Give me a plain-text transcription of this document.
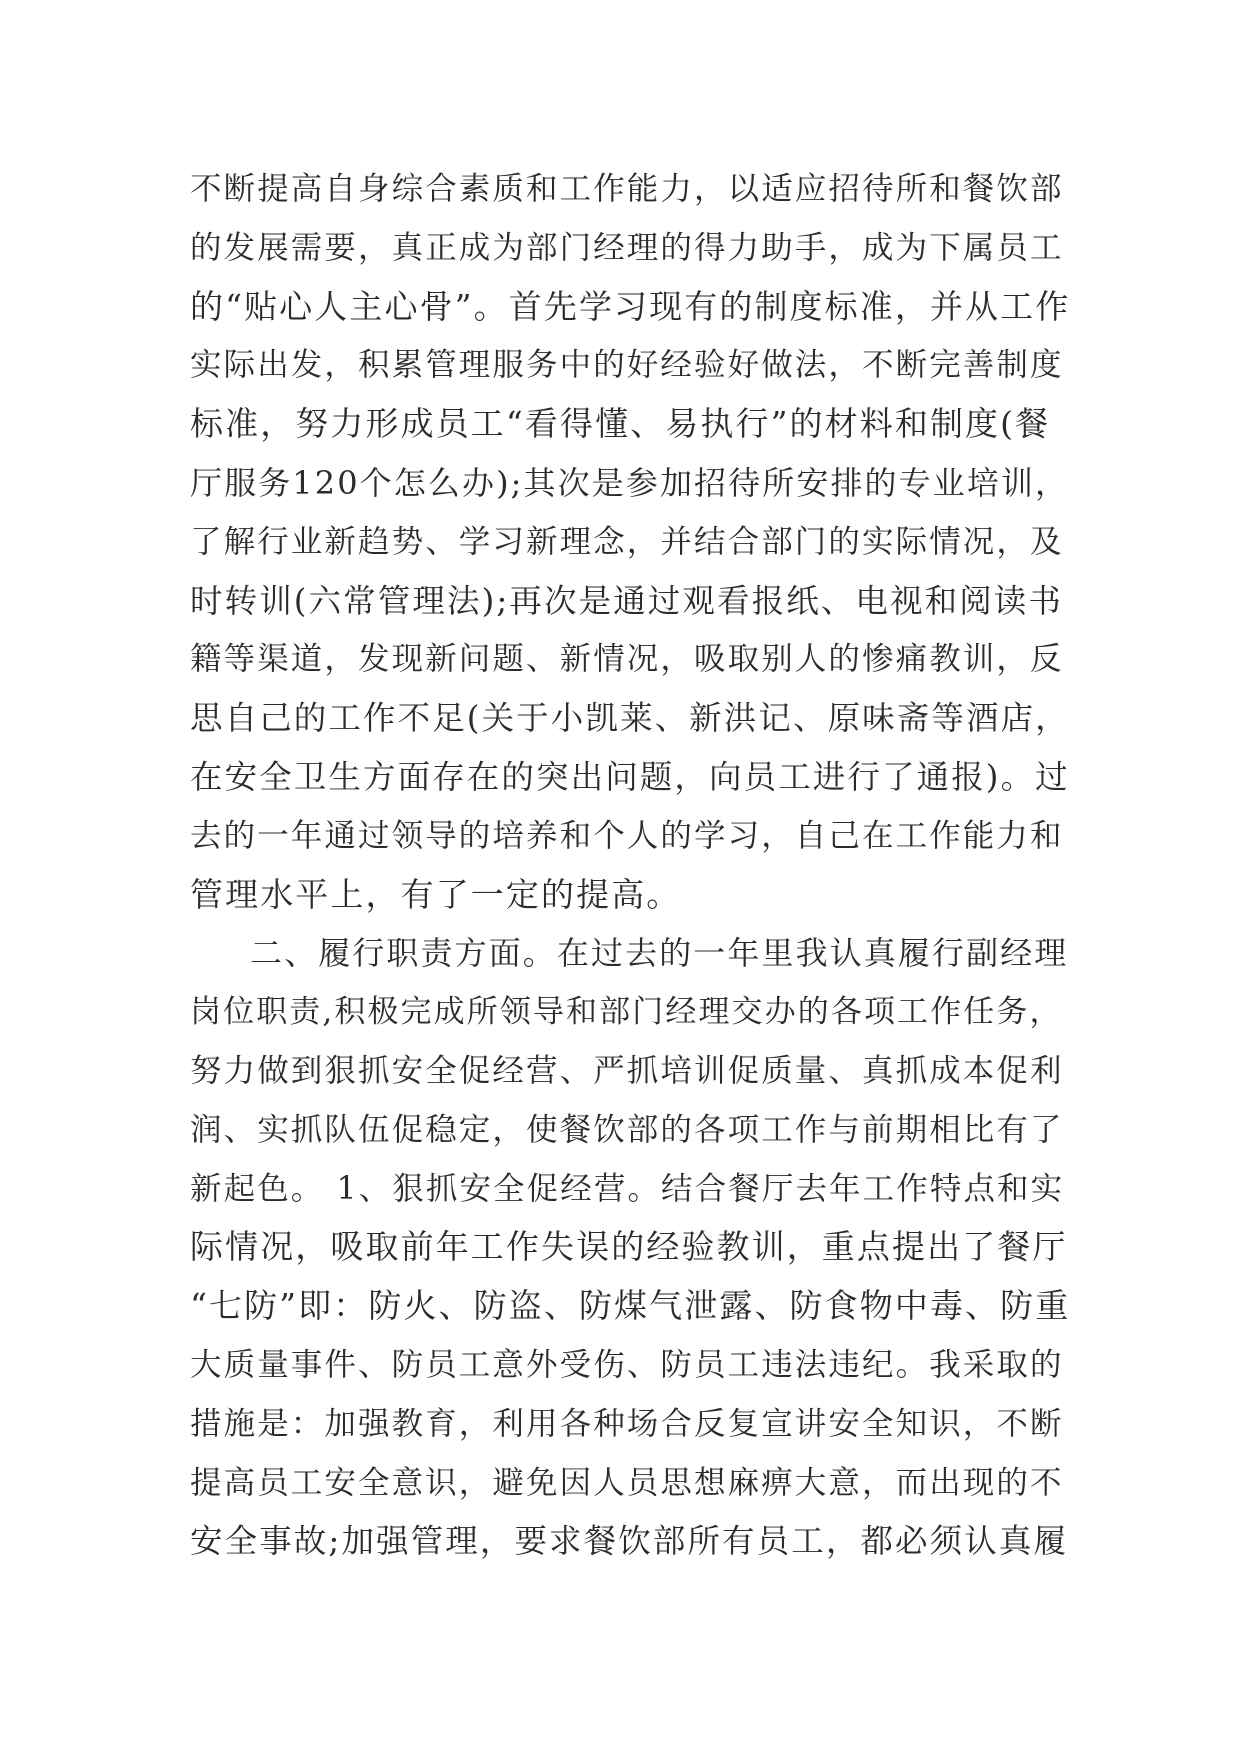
不断提高自身综合素质和工作能力，以适应招待所和餐饮部
的发展需要，真正成为部门经理的得力助手，成为下属员工
的“贴心人主心骨”。首先学习现有的制度标准，并从工作
实际出发，积累管理服务中的好经验好做法，不断完善制度
标准，努力形成员工“看得懂、易执行”的材料和制度(餐
厅服务120个怎么办);其次是参加招待所安排的专业培训，
了解行业新趋势、学习新理念，并结合部门的实际情况，及
时转训(六常管理法);再次是通过观看报纸、电视和阅读书
籍等渠道，发现新问题、新情况，吸取别人的惨痛教训，反
思自己的工作不足(关于小凯莱、新洪记、原味斋等酒店，
在安全卫生方面存在的突出问题，向员工进行了通报)。过
去的一年通过领导的培养和个人的学习，自己在工作能力和
管理水平上，有了一定的提高。
二、履行职责方面。在过去的一年里我认真履行副经理
岗位职责,积极完成所领导和部门经理交办的各项工作任务，
努力做到狠抓安全促经营、严抓培训促质量、真抓成本促利
润、实抓队伍促稳定，使餐饮部的各项工作与前期相比有了
新起色。 1、狠抓安全促经营。结合餐厅去年工作特点和实
际情况，吸取前年工作失误的经验教训，重点提出了餐厅
“七防”即：防火、防盗、防煤气泄露、防食物中毒、防重
大质量事件、防员工意外受伤、防员工违法违纪。我采取的
措施是：加强教育，利用各种场合反复宣讲安全知识，不断
提高员工安全意识，避免因人员思想麻痹大意，而出现的不
安全事故;加强管理，要求餐饮部所有员工，都必须认真履
